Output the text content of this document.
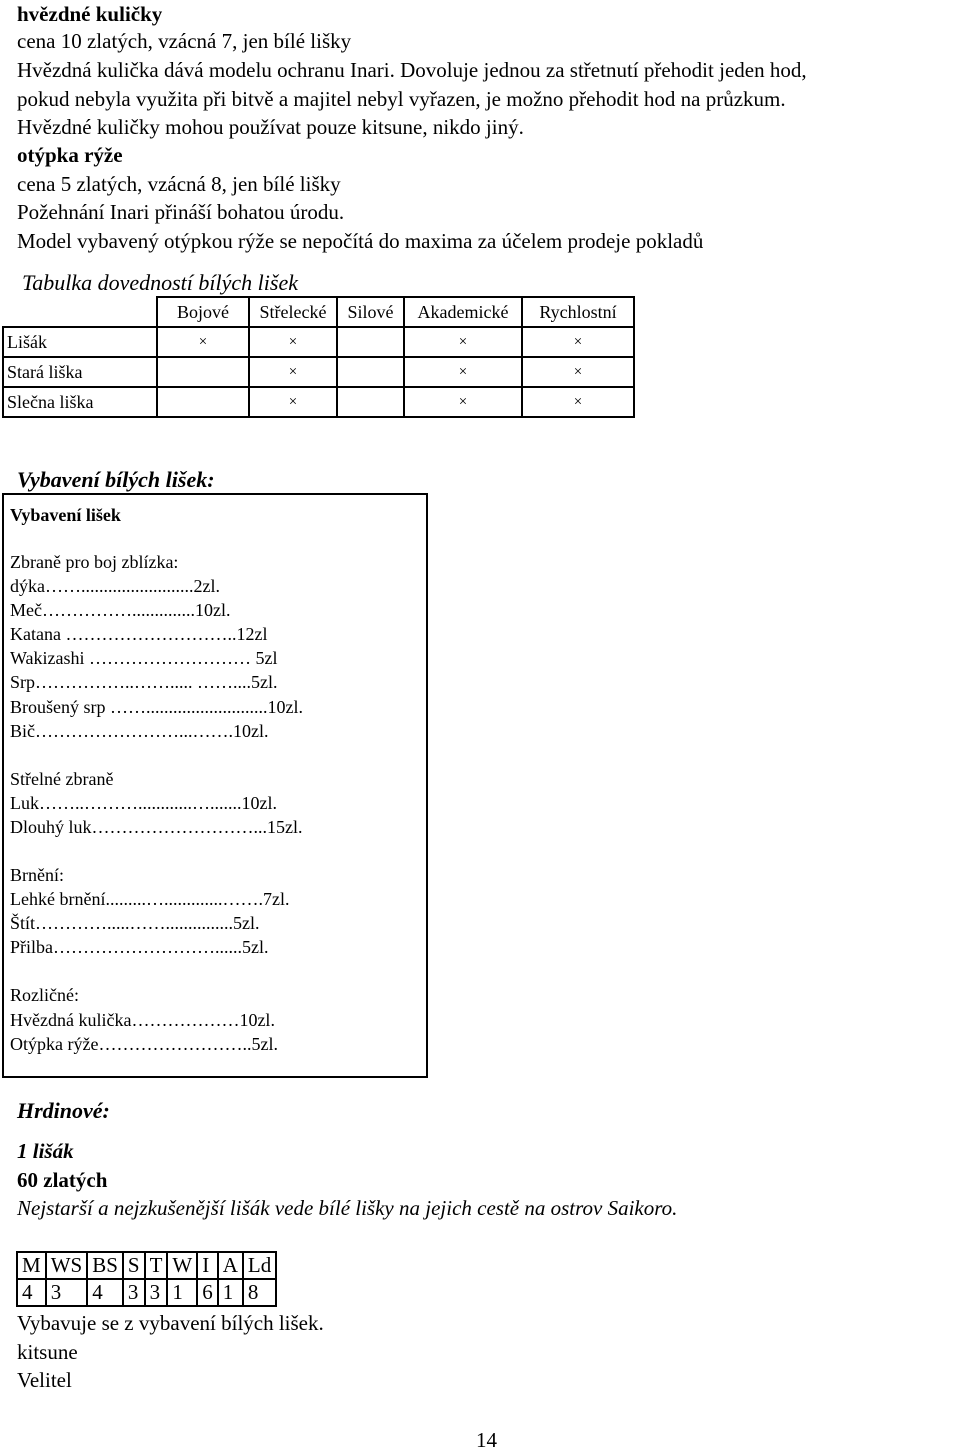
hvězdné kuličky
cena 10 zlatých, vzácná 7, jen bílé lišky
Hvězdná kulička dává modelu ochranu Inari. Dovoluje jednou za střetnutí přehodit jeden hod,
pokud nebyla využita při bitvě a majitel nebyl vyřazen, je možno přehodit hod na průzkum.
Hvězdné kuličky mohou používat pouze kitsune, nikdo jiný.
otýpka rýže
cena 5 zlatých, vzácná 8, jen bílé lišky
Požehnání Inari přináší bohatou úrodu.
Model vybavený otýpkou rýže se nepočítá do maxima za účelem prodeje pokladů
Tabulka dovedností bílých lišek
	Bojové	Střelecké	Silové	Akademické	Rychlostní
Lišák	×	×		×	×
Stará liška		×		×	×
Slečna liška		×		×	×
Vybavení bílých lišek:
Vybavení lišek
Zbraně pro boj zblízka:
dýka…….........................2zl.
Meč……………..............10zl.
Katana ………………………..12zl
Wakizashi ……………………… 5zl
Srp……………..……..... ……....5zl.
Broušený srp ……...........................10zl.
Bič……………………...…….10zl.
Střelné zbraně
Luk……..………............….......10zl.
Dlouhý luk………………………...15zl.
Brnění:
Lehké brnění.........….............…….7zl.
Štít………….....……...............5zl.
Přilba………………………......5zl.
Rozličné:
Hvězdná kulička………………10zl.
Otýpka rýže……………………..5zl.
Hrdinové:
1 lišák
60 zlatých
Nejstarší a nejzkušenější lišák vede bílé lišky na jejich cestě na ostrov Saikoro.
M	WS	BS	S	T	W	I	A	Ld
4	3	4	3	3	1	6	1	8
Vybavuje se z vybavení bílých lišek.
kitsune
Velitel
14
